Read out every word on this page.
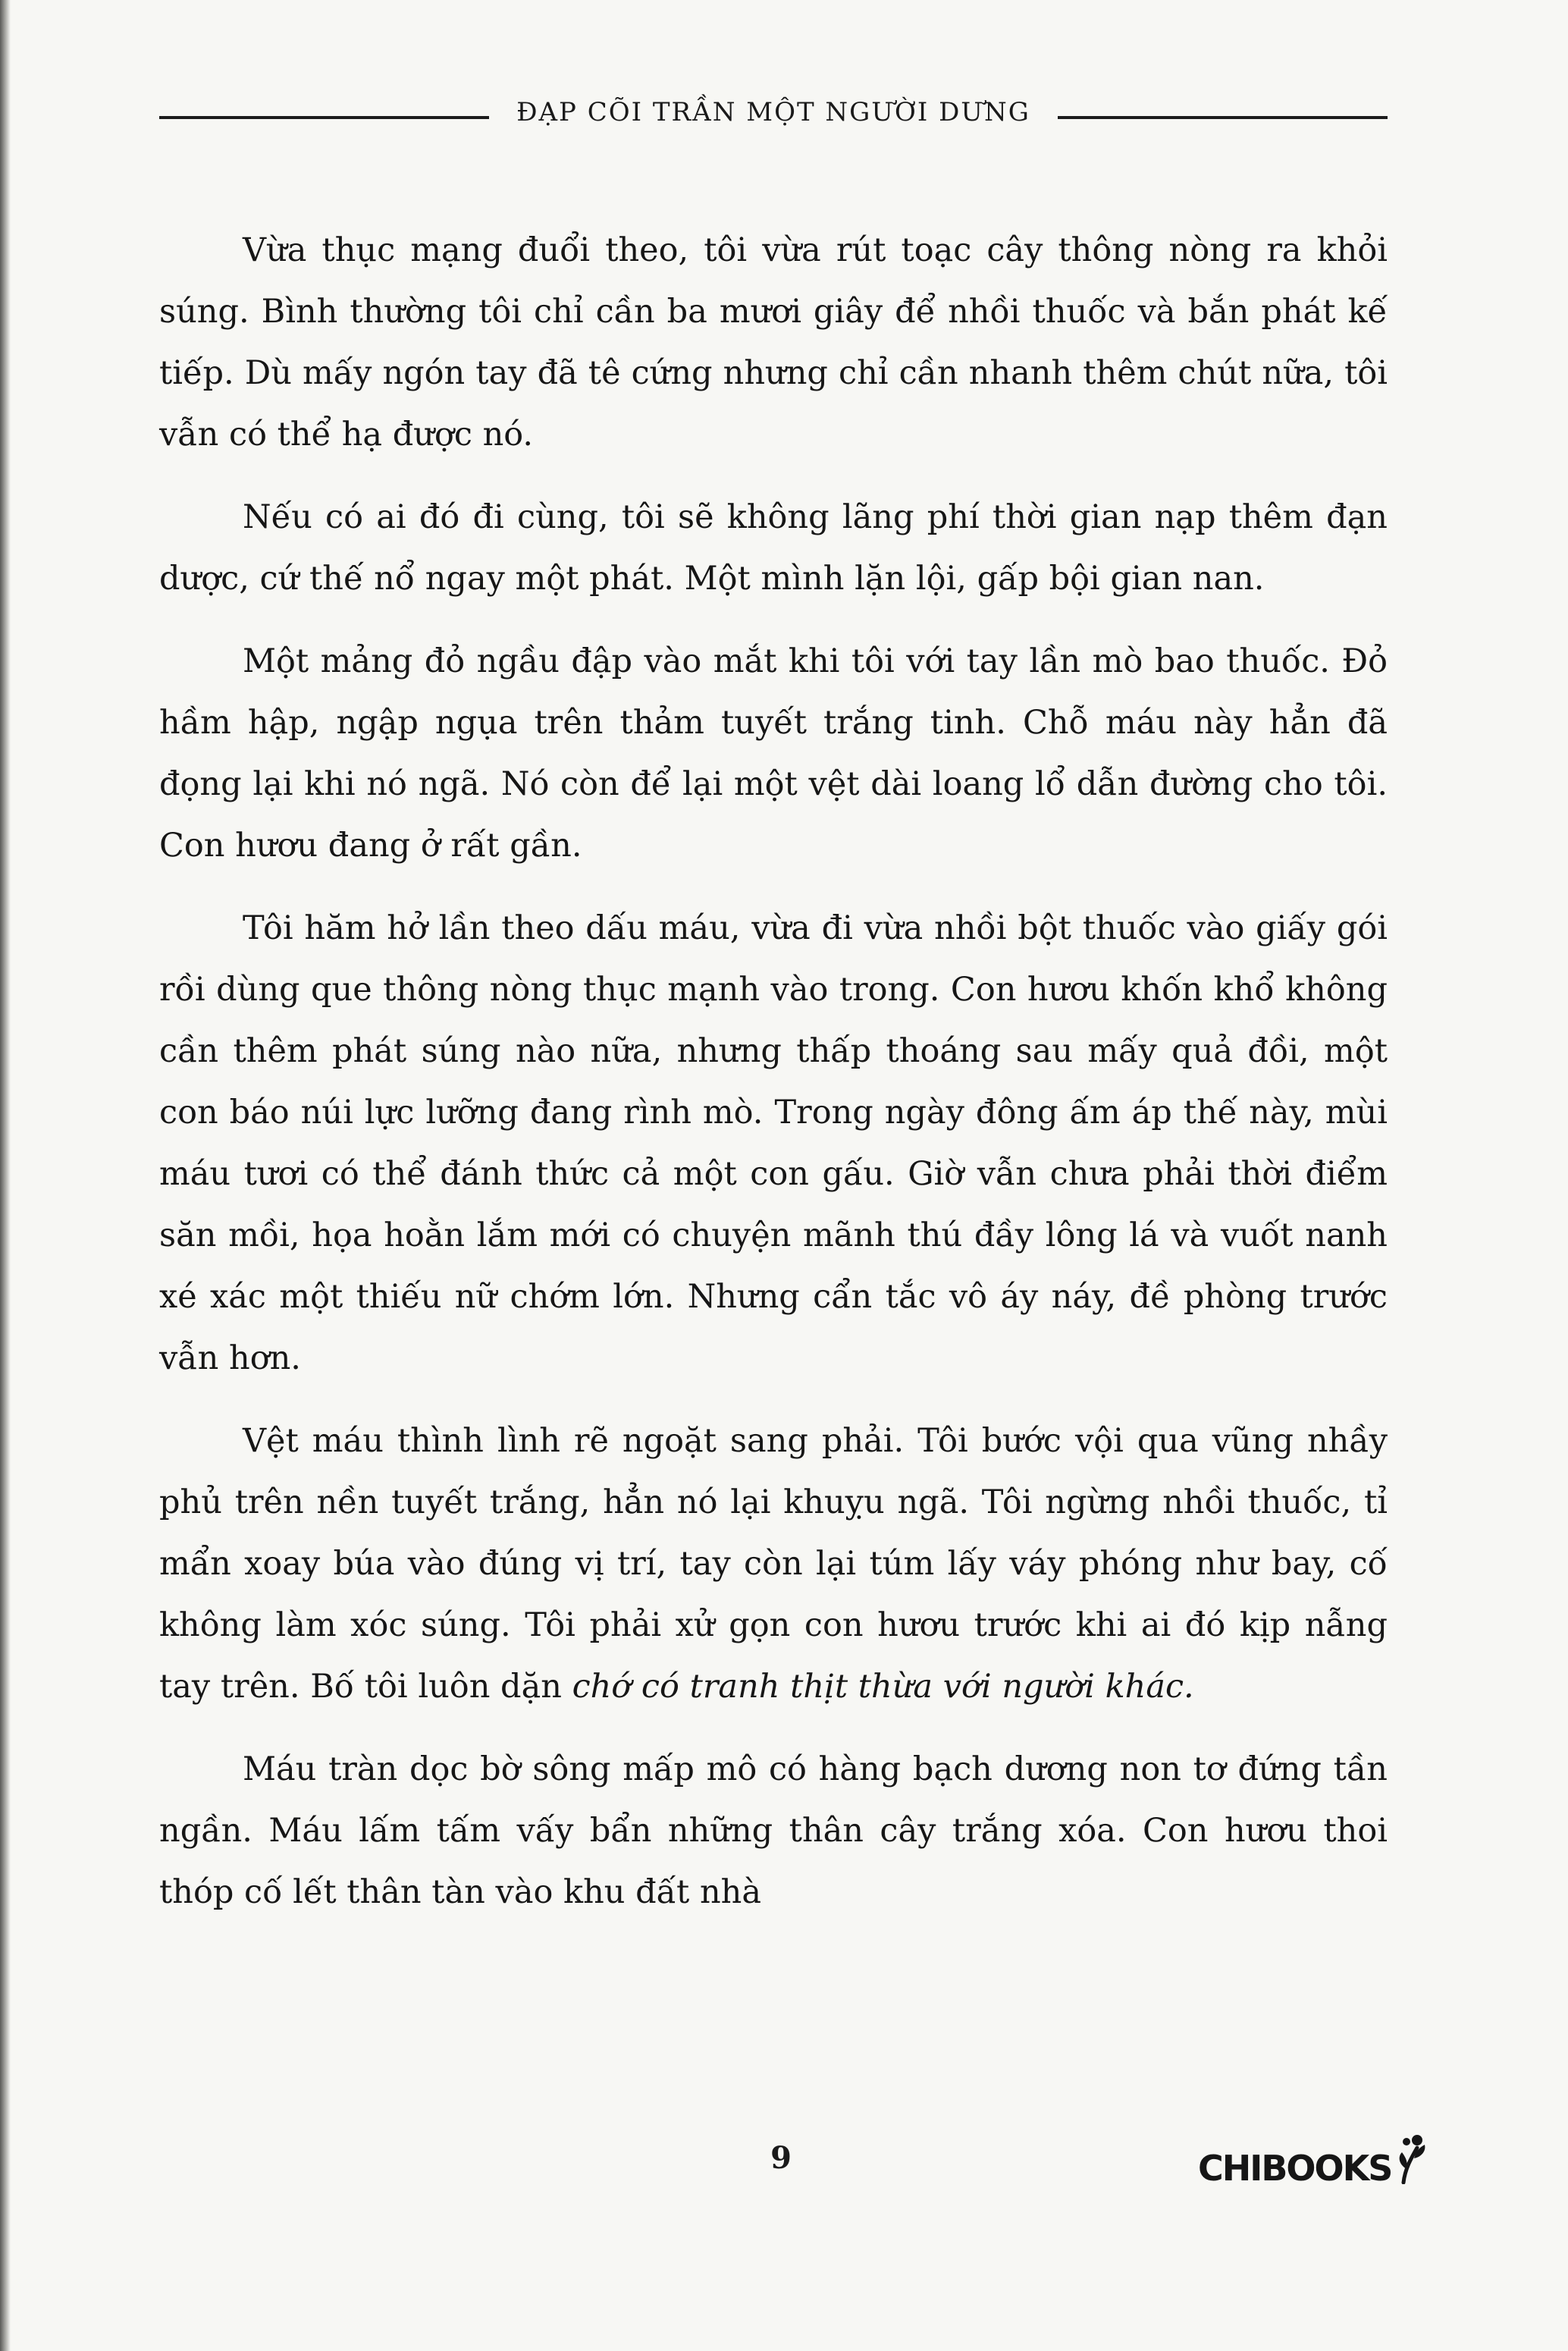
ĐẠP CÕI TRẦN MỘT NGƯỜI DƯNG

Vừa thục mạng đuổi theo, tôi vừa rút toạc cây thông nòng ra khỏi súng. Bình thường tôi chỉ cần ba mươi giây để nhồi thuốc và bắn phát kế tiếp. Dù mấy ngón tay đã tê cứng nhưng chỉ cần nhanh thêm chút nữa, tôi vẫn có thể hạ được nó.

Nếu có ai đó đi cùng, tôi sẽ không lãng phí thời gian nạp thêm đạn dược, cứ thế nổ ngay một phát. Một mình lặn lội, gấp bội gian nan.

Một mảng đỏ ngầu đập vào mắt khi tôi với tay lần mò bao thuốc. Đỏ hầm hập, ngập ngụa trên thảm tuyết trắng tinh. Chỗ máu này hẳn đã đọng lại khi nó ngã. Nó còn để lại một vệt dài loang lổ dẫn đường cho tôi. Con hươu đang ở rất gần.

Tôi hăm hở lần theo dấu máu, vừa đi vừa nhồi bột thuốc vào giấy gói rồi dùng que thông nòng thục mạnh vào trong. Con hươu khốn khổ không cần thêm phát súng nào nữa, nhưng thấp thoáng sau mấy quả đồi, một con báo núi lực lưỡng đang rình mò. Trong ngày đông ấm áp thế này, mùi máu tươi có thể đánh thức cả một con gấu. Giờ vẫn chưa phải thời điểm săn mồi, họa hoằn lắm mới có chuyện mãnh thú đầy lông lá và vuốt nanh xé xác một thiếu nữ chớm lớn. Nhưng cẩn tắc vô áy náy, đề phòng trước vẫn hơn.

Vệt máu thình lình rẽ ngoặt sang phải. Tôi bước vội qua vũng nhầy phủ trên nền tuyết trắng, hẳn nó lại khuỵu ngã. Tôi ngừng nhồi thuốc, tỉ mẩn xoay búa vào đúng vị trí, tay còn lại túm lấy váy phóng như bay, cố không làm xóc súng. Tôi phải xử gọn con hươu trước khi ai đó kịp nẫng tay trên. Bố tôi luôn dặn chớ có tranh thịt thừa với người khác.

Máu tràn dọc bờ sông mấp mô có hàng bạch dương non tơ đứng tần ngần. Máu lấm tấm vấy bẩn những thân cây trắng xóa. Con hươu thoi thóp cố lết thân tàn vào khu đất nhà

9	CHIBOOKS
